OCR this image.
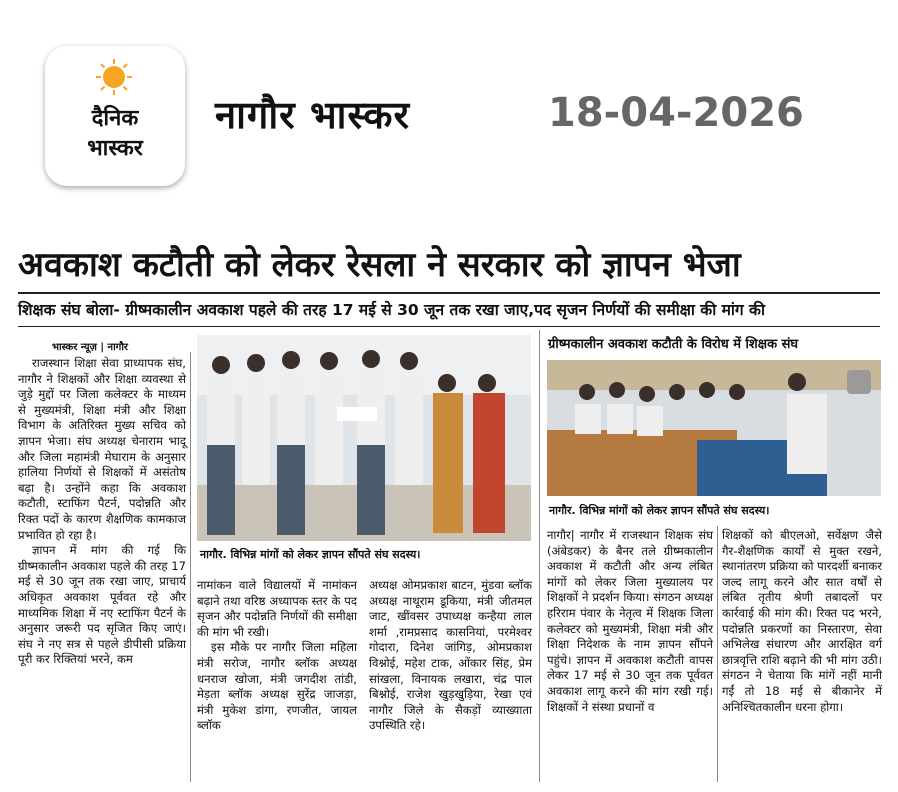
दैनिक
भास्कर
नागौर भास्कर	18-04-2026
अवकाश कटौती को लेकर रेसला ने सरकार को ज्ञापन भेजा
शिक्षक संघ बोला- ग्रीष्मकालीन अवकाश पहले की तरह 17 मई से 30 जून तक रखा जाए,पद सृजन निर्णयों की समीक्षा की मांग की
भास्कर न्यूज़ | नागौर

राजस्थान शिक्षा सेवा प्राध्यापक संघ, नागौर ने शिक्षकों और शिक्षा व्यवस्था से जुड़े मुद्दों पर जिला कलेक्टर के माध्यम से मुख्यमंत्री, शिक्षा मंत्री और शिक्षा विभाग के अतिरिक्त मुख्य सचिव को ज्ञापन भेजा। संघ अध्यक्ष चेनाराम भादू और जिला महामंत्री मेघाराम के अनुसार हालिया निर्णयों से शिक्षकों में असंतोष बढ़ा है। उन्होंने कहा कि अवकाश कटौती, स्टाफिंग पैटर्न, पदोन्नति और रिक्त पदों के कारण शैक्षणिक कामकाज प्रभावित हो रहा है।

ज्ञापन में मांग की गई कि ग्रीष्मकालीन अवकाश पहले की तरह 17 मई से 30 जून तक रखा जाए, प्राचार्य अधिकृत अवकाश पूर्ववत रहे और माध्यमिक शिक्षा में नए स्टाफिंग पैटर्न के अनुसार जरूरी पद सृजित किए जाएं। संघ ने नए सत्र से पहले डीपीसी प्रक्रिया पूरी कर रिक्तियां भरने, कम

नागौर. विभिन्न मांगों को लेकर ज्ञापन सौंपते संघ सदस्य।

नामांकन वाले विद्यालयों में नामांकन बढ़ाने तथा वरिष्ठ अध्यापक स्तर के पद सृजन और पदोन्नति निर्णयों की समीक्षा की मांग भी रखी।

इस मौके पर नागौर जिला महिला मंत्री सरोज, नागौर ब्लॉक अध्यक्ष धनराज खोजा, मंत्री जगदीश तांडी, मेड़ता ब्लॉक अध्यक्ष सुरेंद्र जाजड़ा, मंत्री मुकेश डांगा, रणजीत, जायल ब्लॉक

अध्यक्ष ओमप्रकाश बाटन, मुंडवा ब्लॉक अध्यक्ष नाथूराम डूकिया, मंत्री जीतमल जाट, खींवसर उपाध्यक्ष कन्हैया लाल शर्मा ,रामप्रसाद कासनियां, परमेश्वर गोदारा, दिनेश जांगिड़, ओमप्रकाश विश्नोई, महेश टाक, ओंकार सिंह, प्रेम सांखला, विनायक लखारा, चंद्र पाल बिश्नोई, राजेश खुड़खुड़िया, रेखा एवं नागौर जिले के सैकड़ों व्याख्याता उपस्थिति रहे।

ग्रीष्मकालीन अवकाश कटौती के विरोध में शिक्षक संघ
नागौर. विभिन्न मांगों को लेकर ज्ञापन सौंपते संघ सदस्य।

नागौर| नागौर में राजस्थान शिक्षक संघ (अंबेडकर) के बैनर तले ग्रीष्मकालीन अवकाश में कटौती और अन्य लंबित मांगों को लेकर जिला मुख्यालय पर शिक्षकों ने प्रदर्शन किया। संगठन अध्यक्ष हरिराम पंवार के नेतृत्व में शिक्षक जिला कलेक्टर को मुख्यमंत्री, शिक्षा मंत्री और शिक्षा निदेशक के नाम ज्ञापन सौंपने पहुंचे। ज्ञापन में अवकाश कटौती वापस लेकर 17 मई से 30 जून तक पूर्ववत अवकाश लागू करने की मांग रखी गई। शिक्षकों ने संस्था प्रधानों व

शिक्षकों को बीएलओ, सर्वेक्षण जैसे गैर-शैक्षणिक कार्यों से मुक्त रखने, स्थानांतरण प्रक्रिया को पारदर्शी बनाकर जल्द लागू करने और सात वर्षों से लंबित तृतीय श्रेणी तबादलों पर कार्रवाई की मांग की। रिक्त पद भरने, पदोन्नति प्रकरणों का निस्तारण, सेवा अभिलेख संधारण और आरक्षित वर्ग छात्रवृत्ति राशि बढ़ाने की भी मांग उठी। संगठन ने चेताया कि मांगें नहीं मानी गईं तो 18 मई से बीकानेर में अनिश्चितकालीन धरना होगा।
